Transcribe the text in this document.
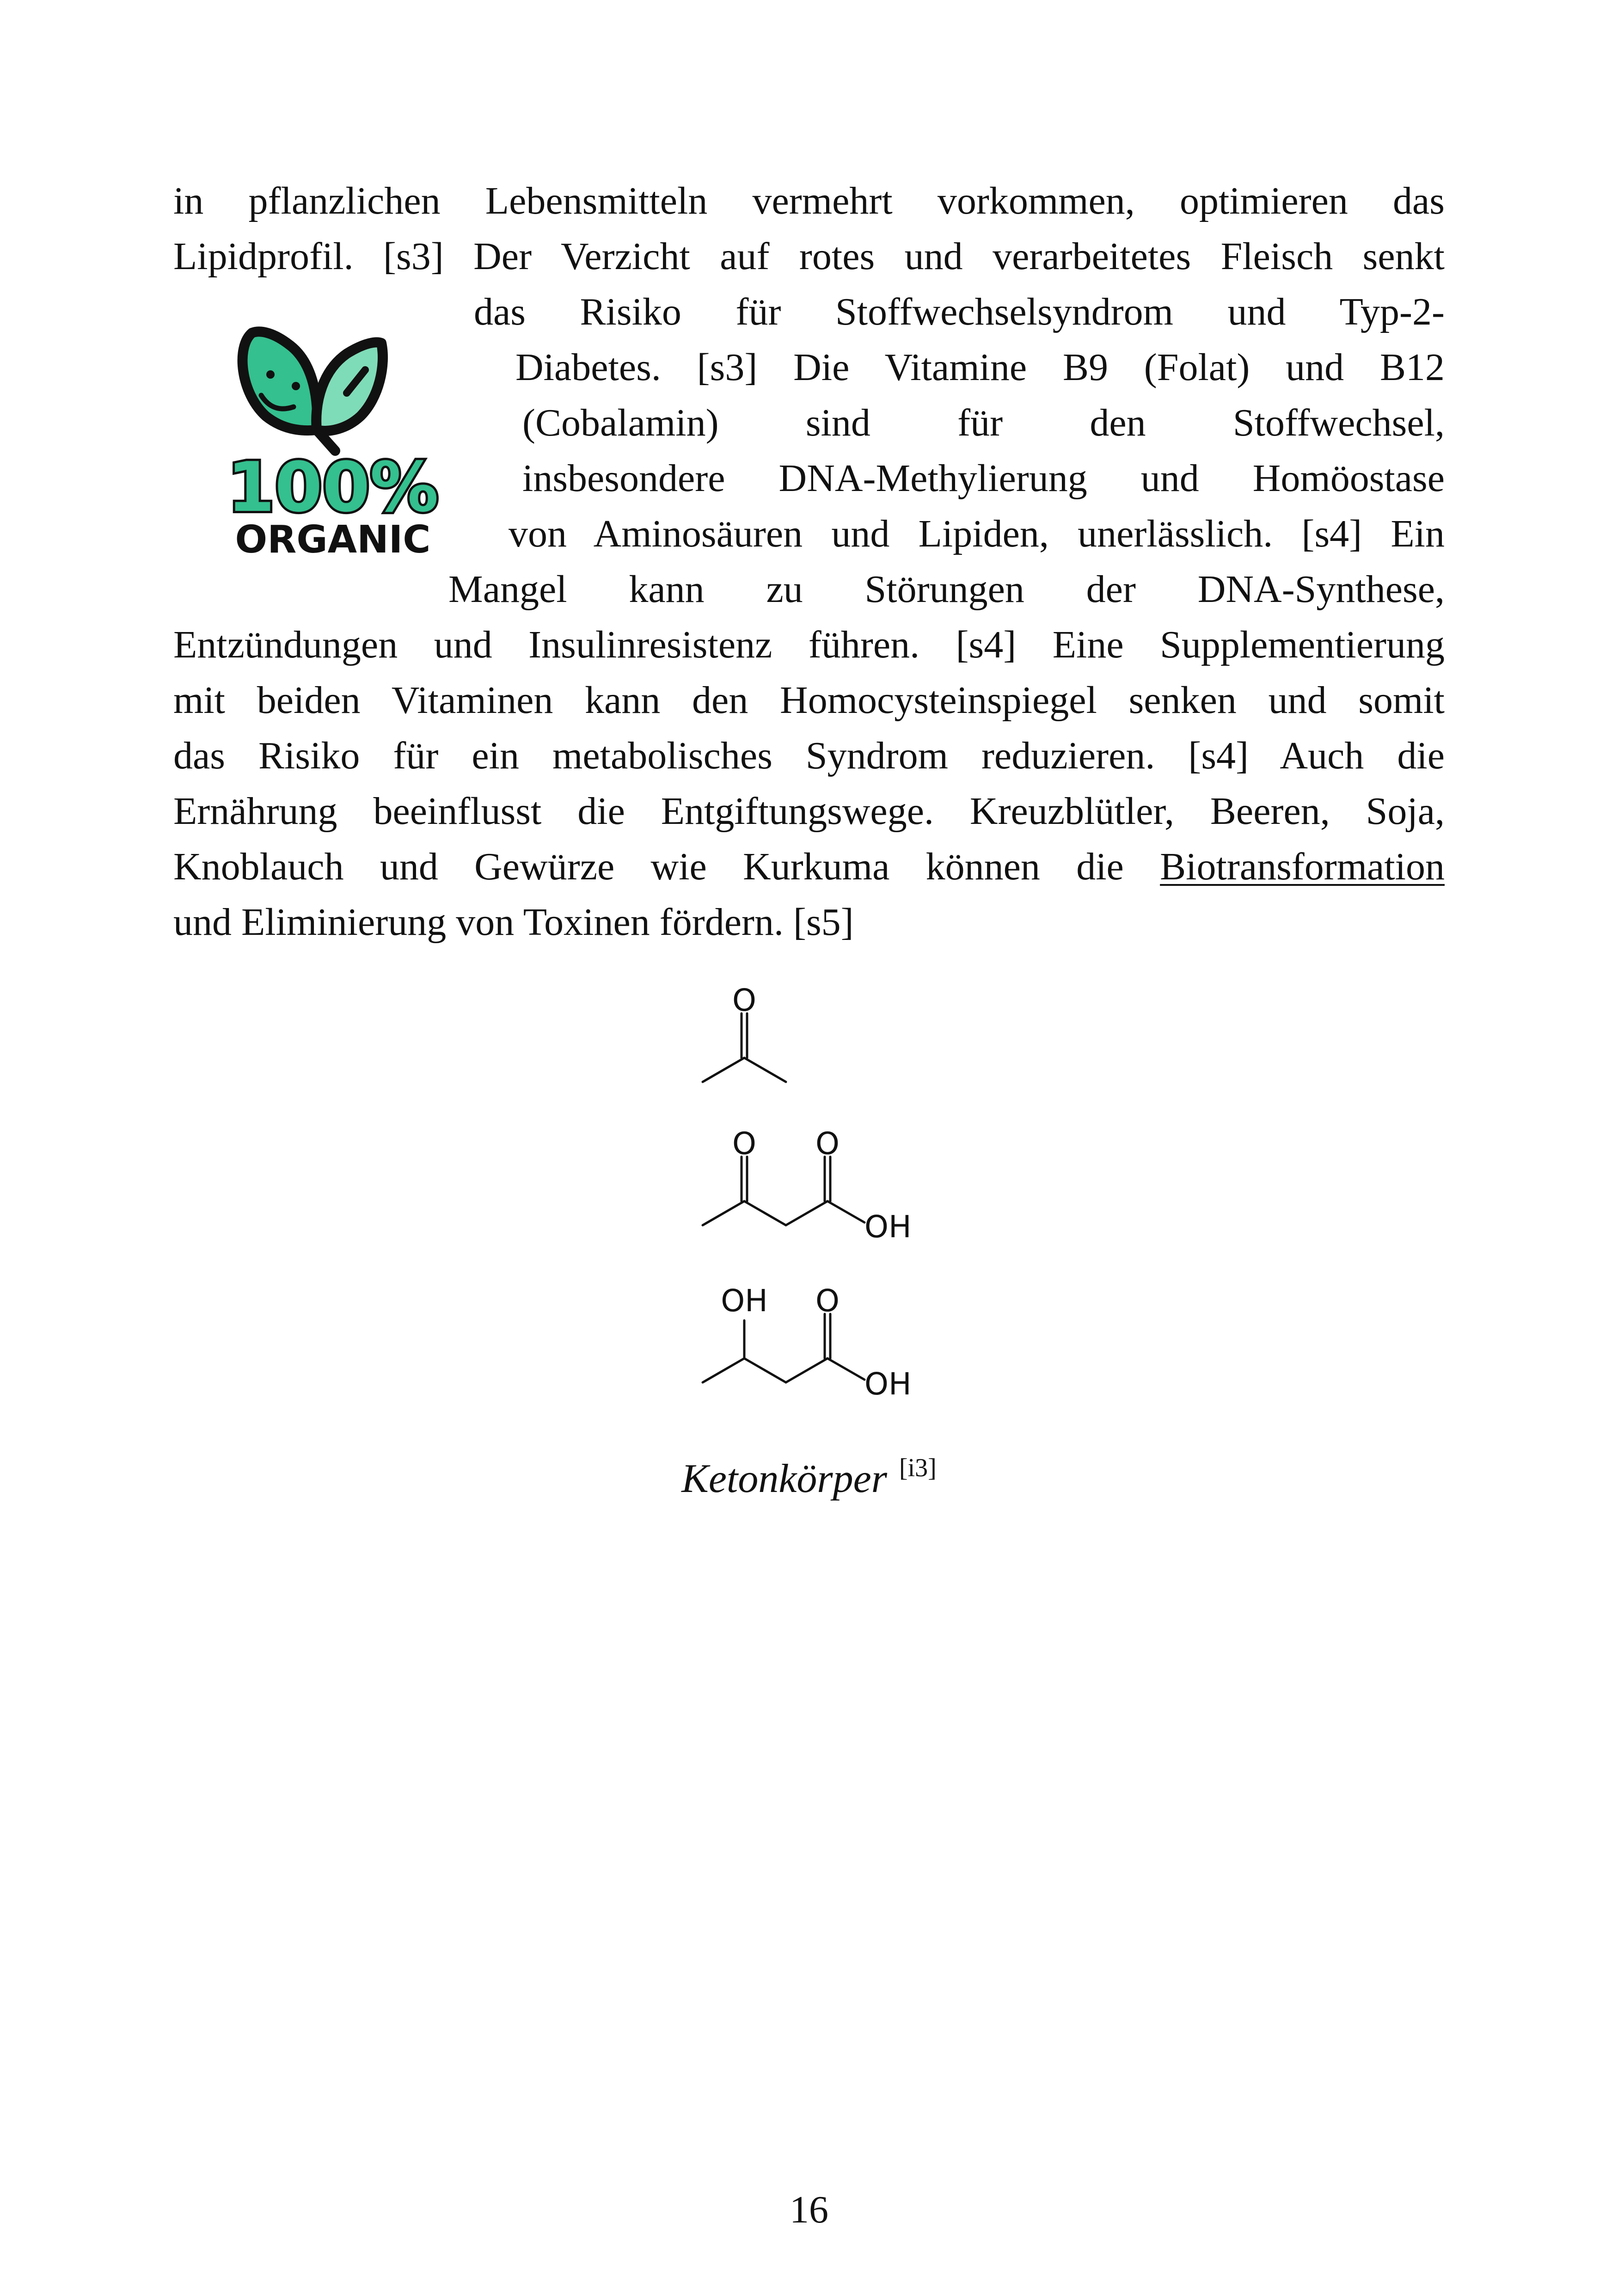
in pflanzlichen Lebensmitteln vermehrt vorkommen, optimieren das
Lipidprofil. [s3] Der Verzicht auf rotes und verarbeitetes Fleisch senkt
das Risiko für Stoffwechselsyndrom und Typ-2-
Diabetes. [s3] Die Vitamine B9 (Folat) und B12
(Cobalamin) sind für den Stoffwechsel,
insbesondere DNA-Methylierung und Homöostase
von Aminosäuren und Lipiden, unerlässlich. [s4] Ein
Mangel kann zu Störungen der DNA-Synthese,
Entzündungen und Insulinresistenz führen. [s4] Eine Supplementierung
mit beiden Vitaminen kann den Homocysteinspiegel senken und somit
das Risiko für ein metabolisches Syndrom reduzieren. [s4] Auch die
Ernährung beeinflusst die Entgiftungswege. Kreuzblütler, Beeren, Soja,
Knoblauch und Gewürze wie Kurkuma können die Biotransformation
und Eliminierung von Toxinen fördern. [s5]
100%
ORGANIC
O
O O
OH
OH O
OH
Ketonkörper [i3]
16
